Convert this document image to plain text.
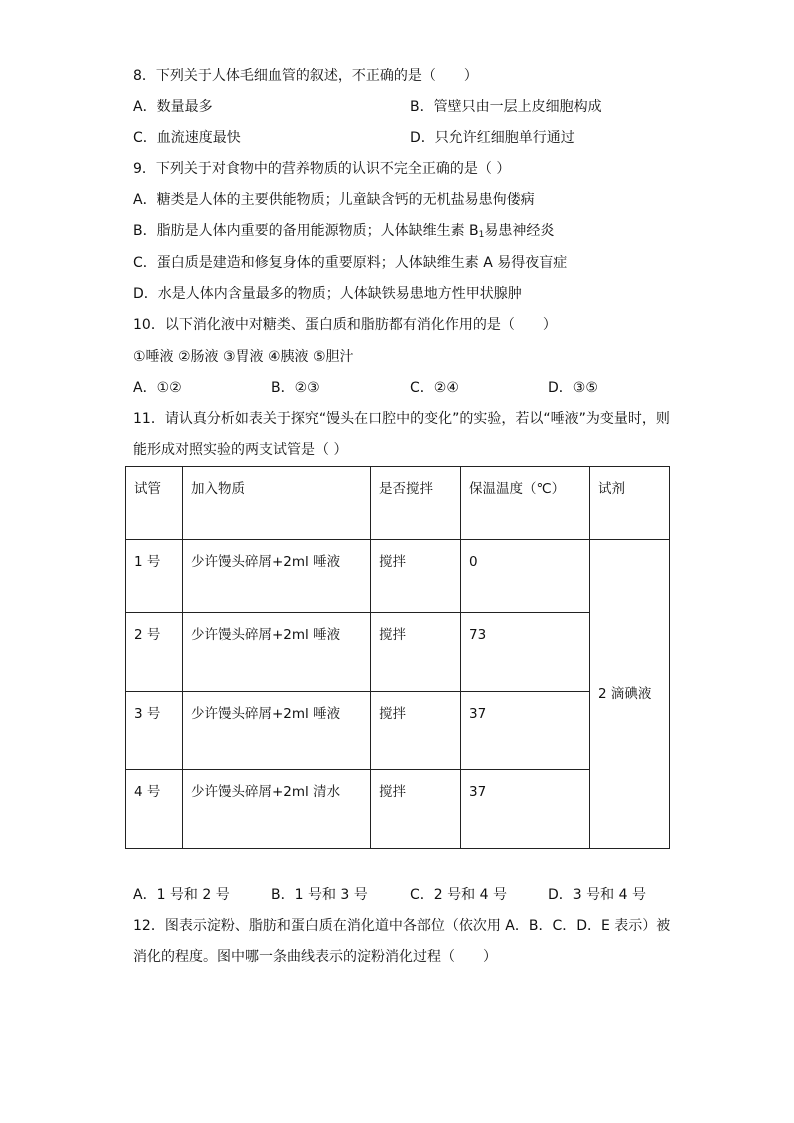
8．下列关于人体毛细血管的叙述，不正确的是（　　）
A．数量最多	B．管壁只由一层上皮细胞构成
C．血流速度最快	D．只允许红细胞单行通过
9．下列关于对食物中的营养物质的认识不完全正确的是（ ）
A．糖类是人体的主要供能物质；儿童缺含钙的无机盐易患佝偻病
B．脂肪是人体内重要的备用能源物质；人体缺维生素 $B_1$易患神经炎
C．蛋白质是建造和修复身体的重要原料；人体缺维生素 A 易得夜盲症
D．水是人体内含量最多的物质；人体缺铁易患地方性甲状腺肿
10．以下消化液中对糖类、蛋白质和脂肪都有消化作用的是（　　）
①唾液 ②肠液 ③胃液 ④胰液 ⑤胆汁
A．①②	B．②③	C．②④	D．③⑤
11．请认真分析如表关于探究“馒头在口腔中的变化”的实验，若以“唾液”为变量时，则
能形成对照实验的两支试管是（ ）
试管	加入物质	是否搅拌	保温温度（℃）	试剂
1 号	少许馒头碎屑+2ml 唾液	搅拌	0	2 滴碘液
2 号	少许馒头碎屑+2ml 唾液	搅拌	73	
3 号	少许馒头碎屑+2ml 唾液	搅拌	37	
4 号	少许馒头碎屑+2ml 清水	搅拌	37	
A．1 号和 2 号	B．1 号和 3 号	C．2 号和 4 号	D．3 号和 4 号
12．图表示淀粉、脂肪和蛋白质在消化道中各部位（依次用 A．B．C．D．E 表示）被
消化的程度。图中哪一条曲线表示的淀粉消化过程（　　）
